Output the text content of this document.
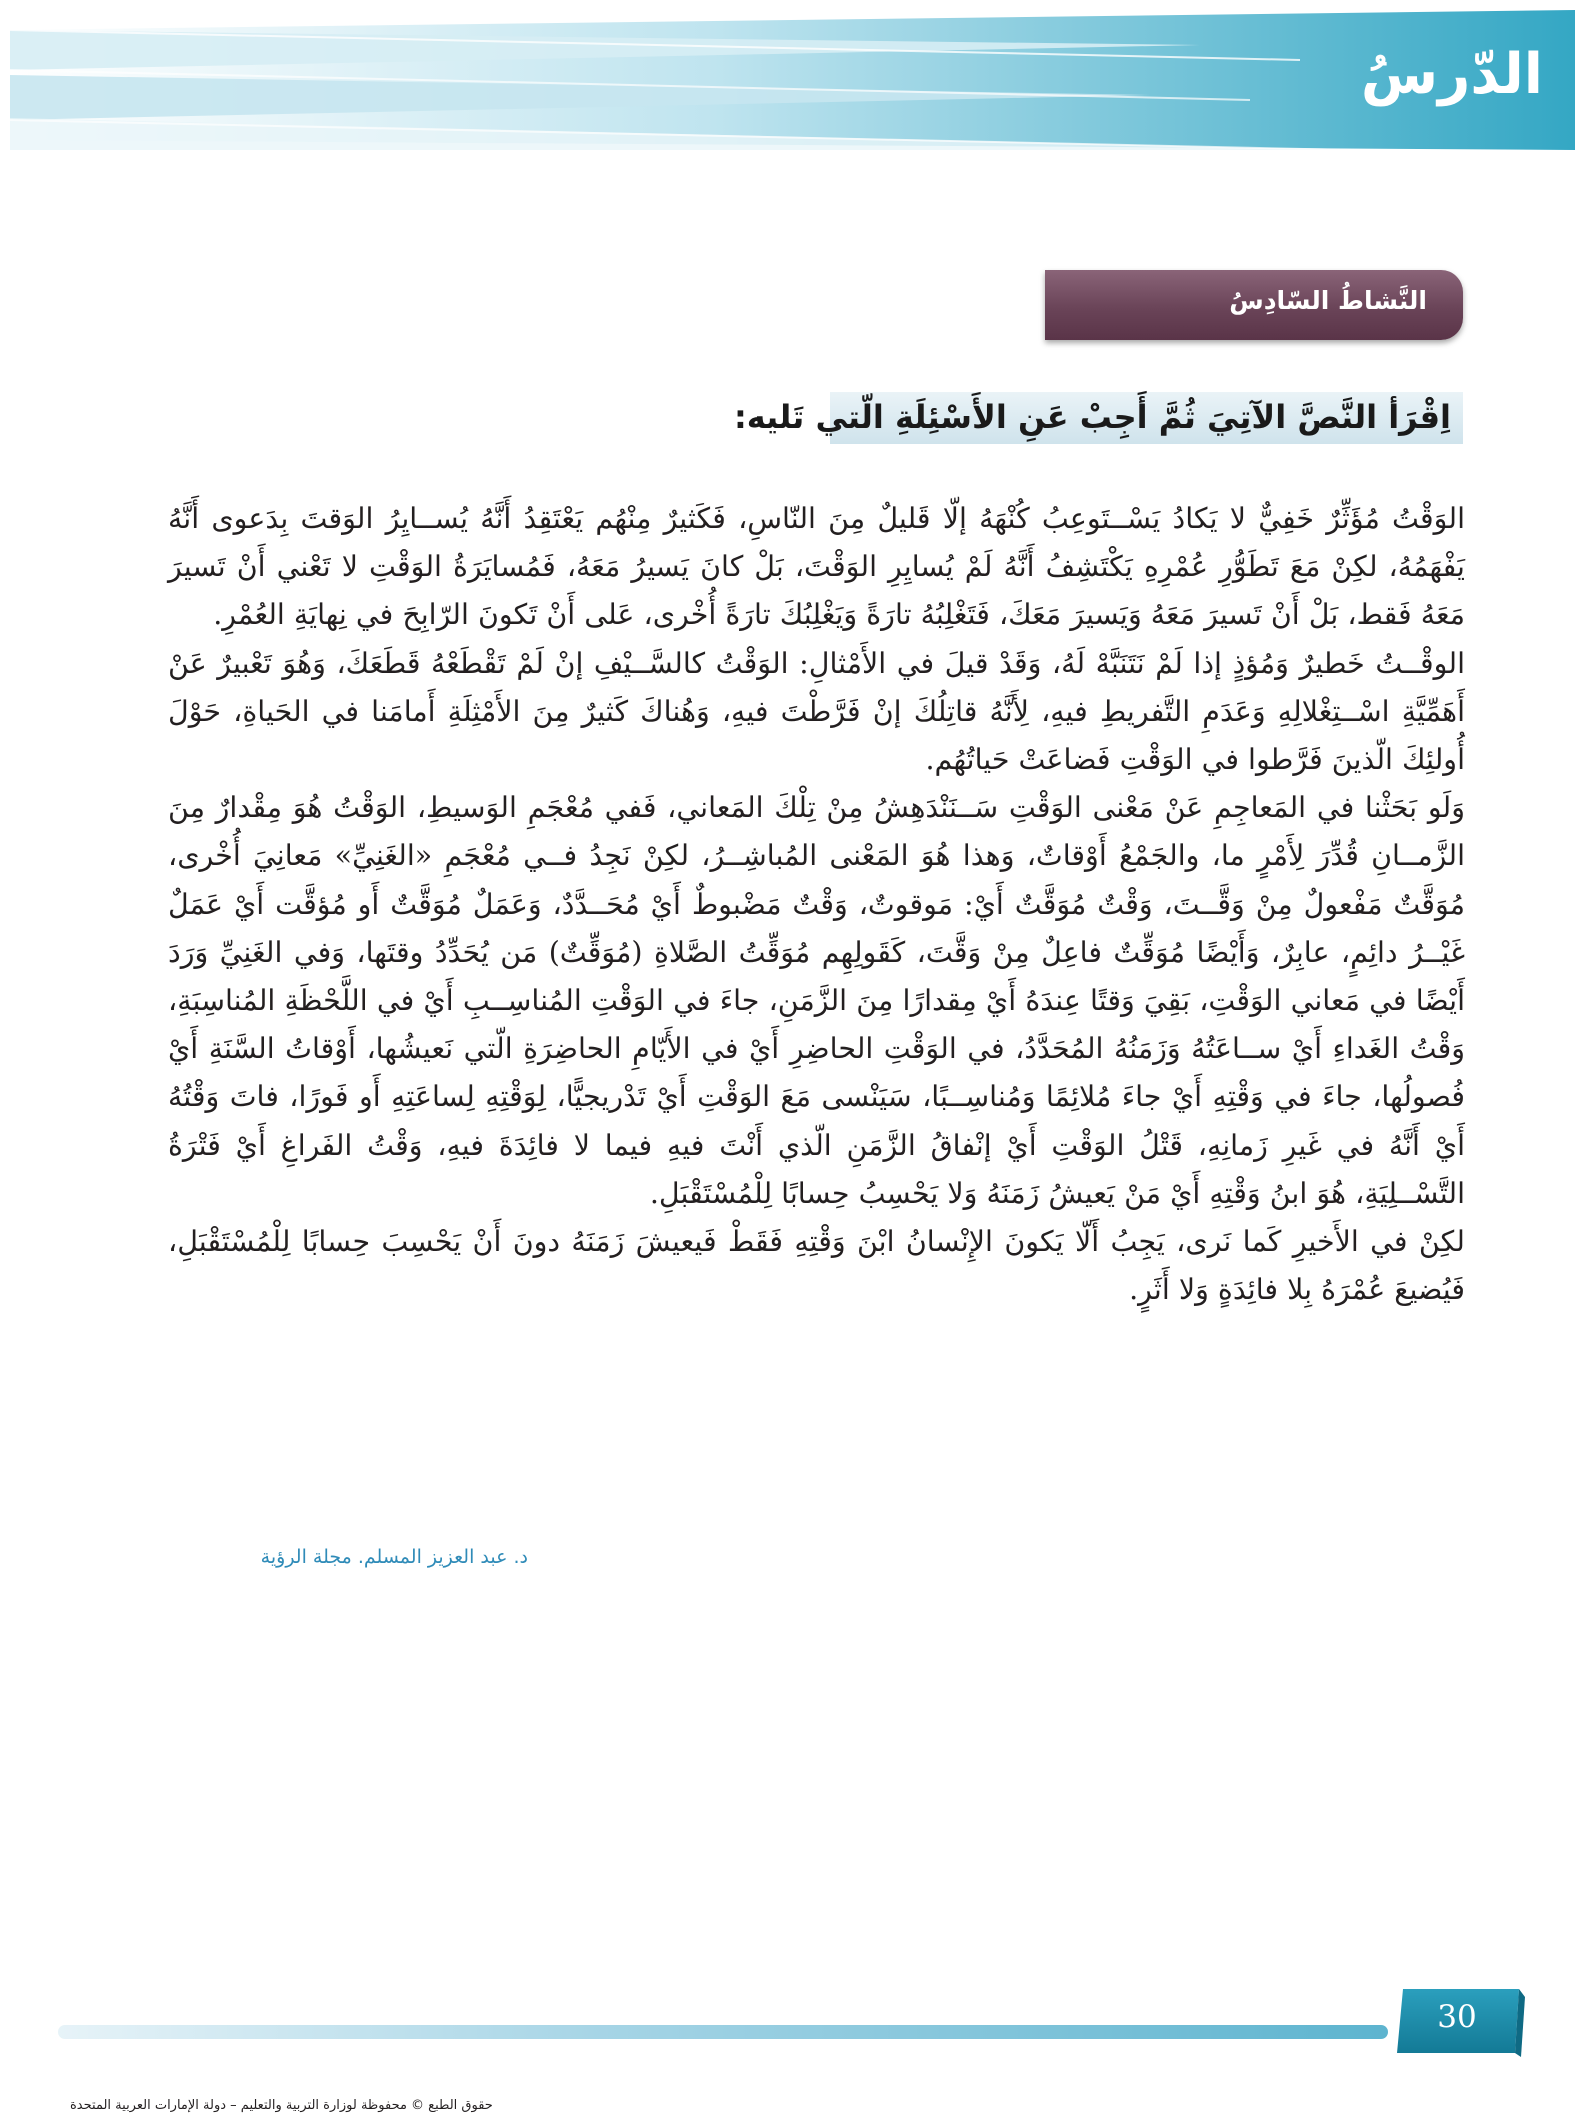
الدّرسُ
النَّشاطُ السّادِسُ
اِقْرَأ النَّصَّ الآتِيَ ثُمَّ أَجِبْ عَنِ الأَسْئِلَةِ الّتي تَليه:

الوَقْتُ مُؤَثِّرٌ خَفِيٌّ لا يَكادُ يَسْــتَوعِبُ كُنْهَهُ إلّا قَليلٌ مِنَ النّاسِ، فَكَثيرٌ مِنْهُم يَعْتَقِدُ أَنَّهُ يُســايِرُ الوَقتَ بِدَعوى أَنَّهُ يَفْهَمُهُ، لكِنْ مَعَ تَطَوُّرِ عُمْرِهِ يَكْتَشِفُ أَنَّهُ لَمْ يُسايِرِ الوَقْتَ، بَلْ كانَ يَسيرُ مَعَهُ، فَمُسايَرَةُ الوَقْتِ لا تَعْني أَنْ تَسيرَ مَعَهُ فَقط، بَلْ أَنْ تَسيرَ مَعَهُ وَيَسيرَ مَعَكَ، فَتَغْلِبُهُ تارَةً وَيَغْلِبُكَ تارَةً أُخْرى، عَلى أَنْ تَكونَ الرّابِحَ في نِهايَةِ العُمْرِ.

الوقْــتُ خَطيرٌ وَمُؤذٍ إذا لَمْ نَتَنَبَّهْ لَهُ، وَقَدْ قيلَ في الأَمْثالِ: الوَقْتُ كالسَّــيْفِ إنْ لَمْ تَقْطَعْهُ قَطَعَكَ، وَهُوَ تَعْبيرٌ عَنْ أَهَمِّيَّةِ اسْــتِغْلالِهِ وَعَدَمِ التَّفريطِ فيهِ، لِأَنَّهُ قاتِلُكَ إنْ فَرَّطْتَ فيهِ، وَهُناكَ كَثيرٌ مِنَ الأَمْثِلَةِ أَمامَنا في الحَياةِ، حَوْلَ أُولئِكَ الّذينَ فَرَّطوا في الوَقْتِ فَضاعَتْ حَياتُهُم.

وَلَو بَحَثْنا في المَعاجِمِ عَنْ مَعْنى الوَقْتِ سَــنَنْدَهِشُ مِنْ تِلْكَ المَعاني، فَفي مُعْجَمِ الوَسيطِ، الوَقْتُ هُوَ مِقْدارٌ مِنَ الزَّمــانِ قُدِّرَ لِأَمْرٍ ما، والجَمْعُ أَوْقاتٌ، وَهذا هُوَ المَعْنى المُباشِــرُ، لكِنْ نَجِدُ فــي مُعْجَمِ «الغَنِيِّ» مَعانِيَ أُخْرى، مُوَقَّتٌ مَفْعولٌ مِنْ وَقَّــتَ، وَقْتٌ مُوَقَّتٌ أَيْ: مَوقوتٌ، وَقْتٌ مَضْبوطٌ أَيْ مُحَــدَّدٌ، وَعَمَلٌ مُوَقَّتٌ أَو مُؤقَّت أَيْ عَمَلٌ غَيْــرُ دائِمٍ، عابِرٌ، وَأَيْضًا مُوَقِّتٌ فاعِلٌ مِنْ وَقَّتَ، كَقَولِهِم مُوَقِّتُ الصَّلاةِ (مُوَقِّتٌ) مَن يُحَدِّدُ وقتَها، وَفي الغَنِيِّ وَرَدَ أَيْضًا في مَعاني الوَقْتِ، بَقِيَ وَقتًا عِندَهُ أَيْ مِقدارًا مِنَ الزَّمَنِ، جاءَ في الوَقْتِ المُناسِــبِ أَيْ في اللَّحْظَةِ المُناسِبَةِ، وَقْتُ الغَداءِ أَيْ ســاعَتُهُ وَزَمَنُهُ المُحَدَّدُ، في الوَقْتِ الحاضِرِ أَيْ في الأَيّامِ الحاضِرَةِ الّتي نَعيشُها، أَوْقاتُ السَّنَةِ أَيْ فُصولُها، جاءَ في وَقْتِهِ أَيْ جاءَ مُلائِمًا وَمُناسِــبًا، سَيَنْسى مَعَ الوَقْتِ أَيْ تَدْريجيًّا، لِوَقْتِهِ لِساعَتِهِ أَو فَورًا، فاتَ وَقْتُهُ أَيْ أَنَّهُ في غَيرِ زَمانِهِ، قَتْلُ الوَقْتِ أَيْ إنْفاقُ الزَّمَنِ الّذي أَنْتَ فيهِ فيما لا فائِدَةَ فيهِ، وَقْتُ الفَراغِ أَيْ فَتْرَةُ التَّسْــلِيَةِ، هُوَ ابنُ وَقْتِهِ أَيْ مَنْ يَعيشُ زَمَنَهُ وَلا يَحْسِبُ حِسابًا لِلْمُسْتَقْبَلِ.

لكِنْ في الأَخيرِ كَما نَرى، يَجِبُ أَلّا يَكونَ الإِنْسانُ ابْنَ وَقْتِهِ فَقَطْ فَيعيشَ زَمَنَهُ دونَ أَنْ يَحْسِبَ حِسابًا لِلْمُسْتَقْبَلِ، فَيُضيعَ عُمْرَهُ بِلا فائِدَةٍ وَلا أَثَرٍ.

د. عبد العزيز المسلم. مجلة الرؤية
30
حقوق الطبع © محفوظة لوزارة التربية والتعليم – دولة الإمارات العربية المتحدة
